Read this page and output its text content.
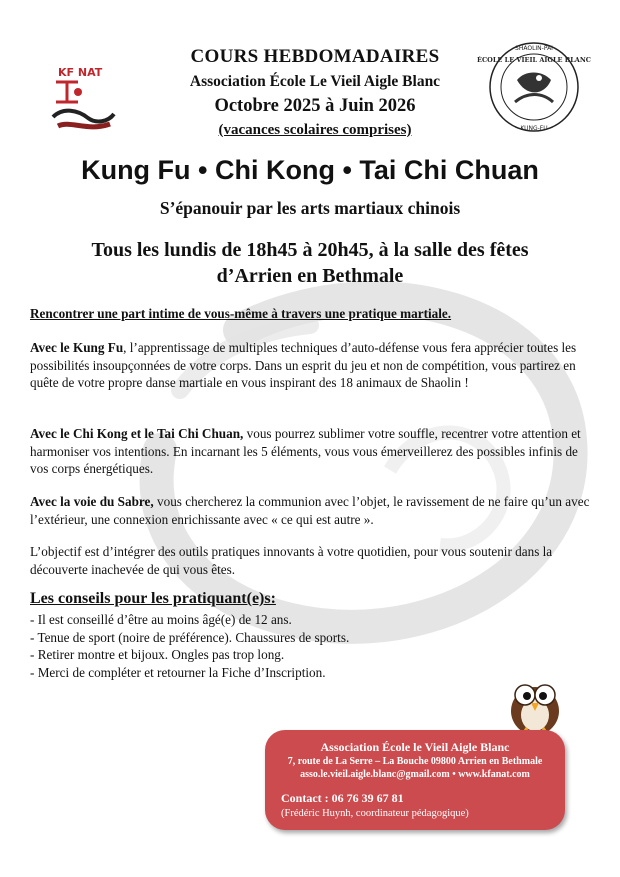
KF NAT
SHAOLIN-PAI
ÉCOLE LE VIEIL AIGLE BLANC
KUNG-FU
COURS HEBDOMADAIRES
Association École Le Vieil Aigle Blanc
Octobre 2025 à Juin 2026
(vacances scolaires comprises)
Kung Fu • Chi Kong • Tai Chi Chuan
S’épanouir par les arts martiaux chinois
Tous les lundis de 18h45 à 20h45, à la salle des fêtes
d’Arrien en Bethmale
Rencontrer une part intime de vous-même à travers une pratique martiale.
Avec le Kung Fu, l’apprentissage de multiples techniques d’auto-défense vous fera apprécier toutes les possibilités insoupçonnées de votre corps. Dans un esprit du jeu et non de compétition, vous partirez en quête de votre propre danse martiale en vous inspirant des 18 animaux de Shaolin !
Avec le Chi Kong et le Tai Chi Chuan, vous pourrez sublimer votre souffle, recentrer votre attention et harmoniser vos intentions. En incarnant les 5 éléments, vous vous émerveillerez des possibles infinis de vos corps énergétiques.
Avec la voie du Sabre, vous chercherez la communion avec l’objet, le ravissement de ne faire qu’un avec l’extérieur, une connexion enrichissante avec « ce qui est autre ».
L’objectif est d’intégrer des outils pratiques innovants à votre quotidien, pour vous soutenir dans la découverte inachevée de qui vous êtes.
Les conseils pour les pratiquant(e)s:
- Il est conseillé d’être au moins âgé(e) de 12 ans.
- Tenue de sport (noire de préférence). Chaussures de sports.
- Retirer montre et bijoux. Ongles pas trop long.
- Merci de compléter et retourner la Fiche d’Inscription.
Association École le Vieil Aigle Blanc
7, route de La Serre – La Bouche 09800 Arrien en Bethmale
asso.le.vieil.aigle.blanc@gmail.com • www.kfanat.com
Contact : 06 76 39 67 81
(Frédéric Huynh, coordinateur pédagogique)
